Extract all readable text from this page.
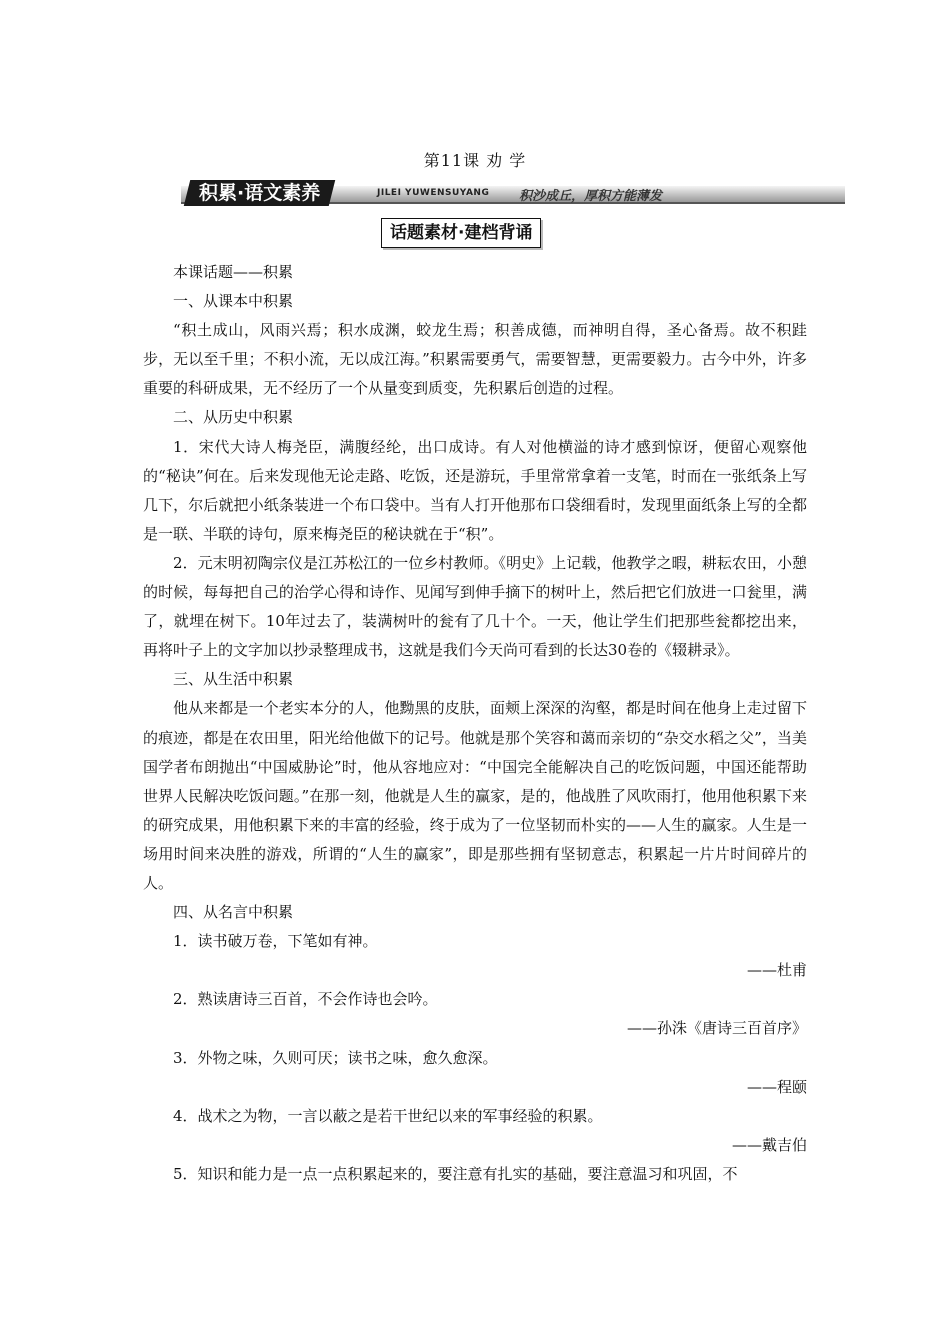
第11课 劝 学
积累·语文素养	JILEI YUWENSUYANG 积沙成丘，厚积方能薄发
话题素材·建档背诵

本课话题——积累

一、从课本中积累

“积土成山，风雨兴焉；积水成渊，蛟龙生焉；积善成德，而神明自得，圣心备焉。故不积跬步，无以至千里；不积小流，无以成江海。”积累需要勇气，需要智慧，更需要毅力。古今中外，许多重要的科研成果，无不经历了一个从量变到质变，先积累后创造的过程。

二、从历史中积累

1．宋代大诗人梅尧臣，满腹经纶，出口成诗。有人对他横溢的诗才感到惊讶，便留心观察他的“秘诀”何在。后来发现他无论走路、吃饭，还是游玩，手里常常拿着一支笔，时而在一张纸条上写几下，尔后就把小纸条装进一个布口袋中。当有人打开他那布口袋细看时，发现里面纸条上写的全都是一联、半联的诗句，原来梅尧臣的秘诀就在于“积”。

2．元末明初陶宗仪是江苏松江的一位乡村教师。《明史》上记载，他教学之暇，耕耘农田，小憩的时候，每每把自己的治学心得和诗作、见闻写到伸手摘下的树叶上，然后把它们放进一口瓮里，满了，就埋在树下。10年过去了，装满树叶的瓮有了几十个。一天，他让学生们把那些瓮都挖出来，再将叶子上的文字加以抄录整理成书，这就是我们今天尚可看到的长达30卷的《辍耕录》。

三、从生活中积累

他从来都是一个老实本分的人，他黝黑的皮肤，面颊上深深的沟壑，都是时间在他身上走过留下的痕迹，都是在农田里，阳光给他做下的记号。他就是那个笑容和蔼而亲切的“杂交水稻之父”，当美国学者布朗抛出“中国威胁论”时，他从容地应对：“中国完全能解决自己的吃饭问题，中国还能帮助世界人民解决吃饭问题。”在那一刻，他就是人生的赢家，是的，他战胜了风吹雨打，他用他积累下来的研究成果，用他积累下来的丰富的经验，终于成为了一位坚韧而朴实的——人生的赢家。人生是一场用时间来决胜的游戏，所谓的“人生的赢家”，即是那些拥有坚韧意志，积累起一片片时间碎片的人。

四、从名言中积累

1．读书破万卷，下笔如有神。

——杜甫

2．熟读唐诗三百首，不会作诗也会吟。

——孙洙《唐诗三百首序》

3．外物之味，久则可厌；读书之味，愈久愈深。

——程颐

4．战术之为物，一言以蔽之是若干世纪以来的军事经验的积累。

——戴吉伯

5．知识和能力是一点一点积累起来的，要注意有扎实的基础，要注意温习和巩固，不
